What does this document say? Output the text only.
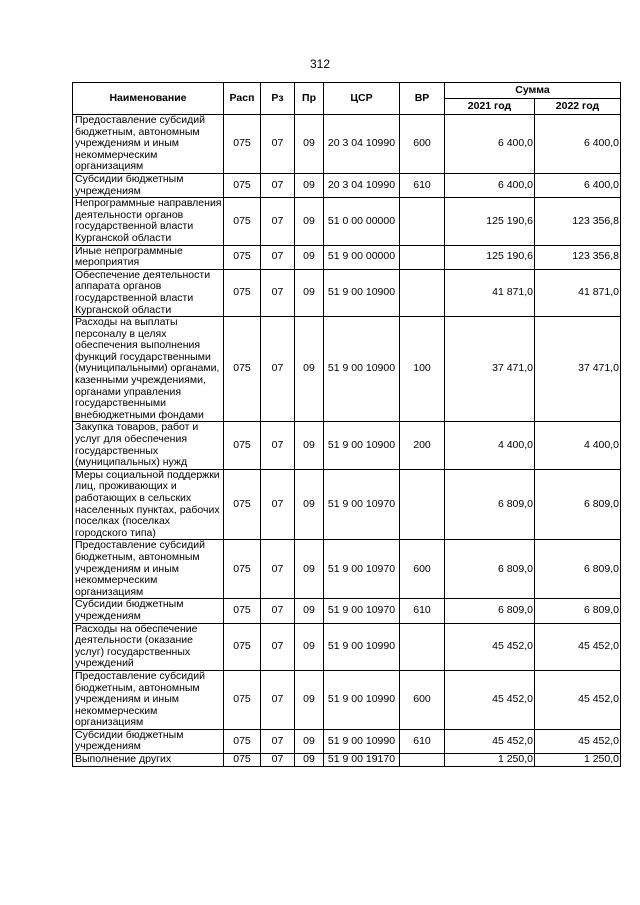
312
Наименование	Расп	Рз	Пр	ЦСР	ВР	Сумма	
						2021 год	2022 год
Предоставление субсидий бюджетным, автономным учреждениям и иным некоммерческим организациям	075	07	09	20 3 04 10990	600	6 400,0	6 400,0
Субсидии бюджетным учреждениям	075	07	09	20 3 04 10990	610	6 400,0	6 400,0
Непрограммные направления деятельности органов государственной власти Курганской области	075	07	09	51 0 00 00000		125 190,6	123 356,8
Иные непрограммные мероприятия	075	07	09	51 9 00 00000		125 190,6	123 356,8
Обеспечение деятельности аппарата органов государственной власти Курганской области	075	07	09	51 9 00 10900		41 871,0	41 871,0
Расходы на выплаты персоналу в целях обеспечения выполнения функций государственными (муниципальными) органами, казенными учреждениями, органами управления государственными внебюджетными фондами	075	07	09	51 9 00 10900	100	37 471,0	37 471,0
Закупка товаров, работ и услуг для обеспечения государственных (муниципальных) нужд	075	07	09	51 9 00 10900	200	4 400,0	4 400,0
Меры социальной поддержки лиц, проживающих и работающих в сельских населенных пунктах, рабочих поселках (поселках городского типа)	075	07	09	51 9 00 10970		6 809,0	6 809,0
Предоставление субсидий бюджетным, автономным учреждениям и иным некоммерческим организациям	075	07	09	51 9 00 10970	600	6 809,0	6 809,0
Субсидии бюджетным учреждениям	075	07	09	51 9 00 10970	610	6 809,0	6 809,0
Расходы на обеспечение деятельности (оказание услуг) государственных учреждений	075	07	09	51 9 00 10990		45 452,0	45 452,0
Предоставление субсидий бюджетным, автономным учреждениям и иным некоммерческим организациям	075	07	09	51 9 00 10990	600	45 452,0	45 452,0
Субсидии бюджетным учреждениям	075	07	09	51 9 00 10990	610	45 452,0	45 452,0
Выполнение других	075	07	09	51 9 00 19170		1 250,0	1 250,0
